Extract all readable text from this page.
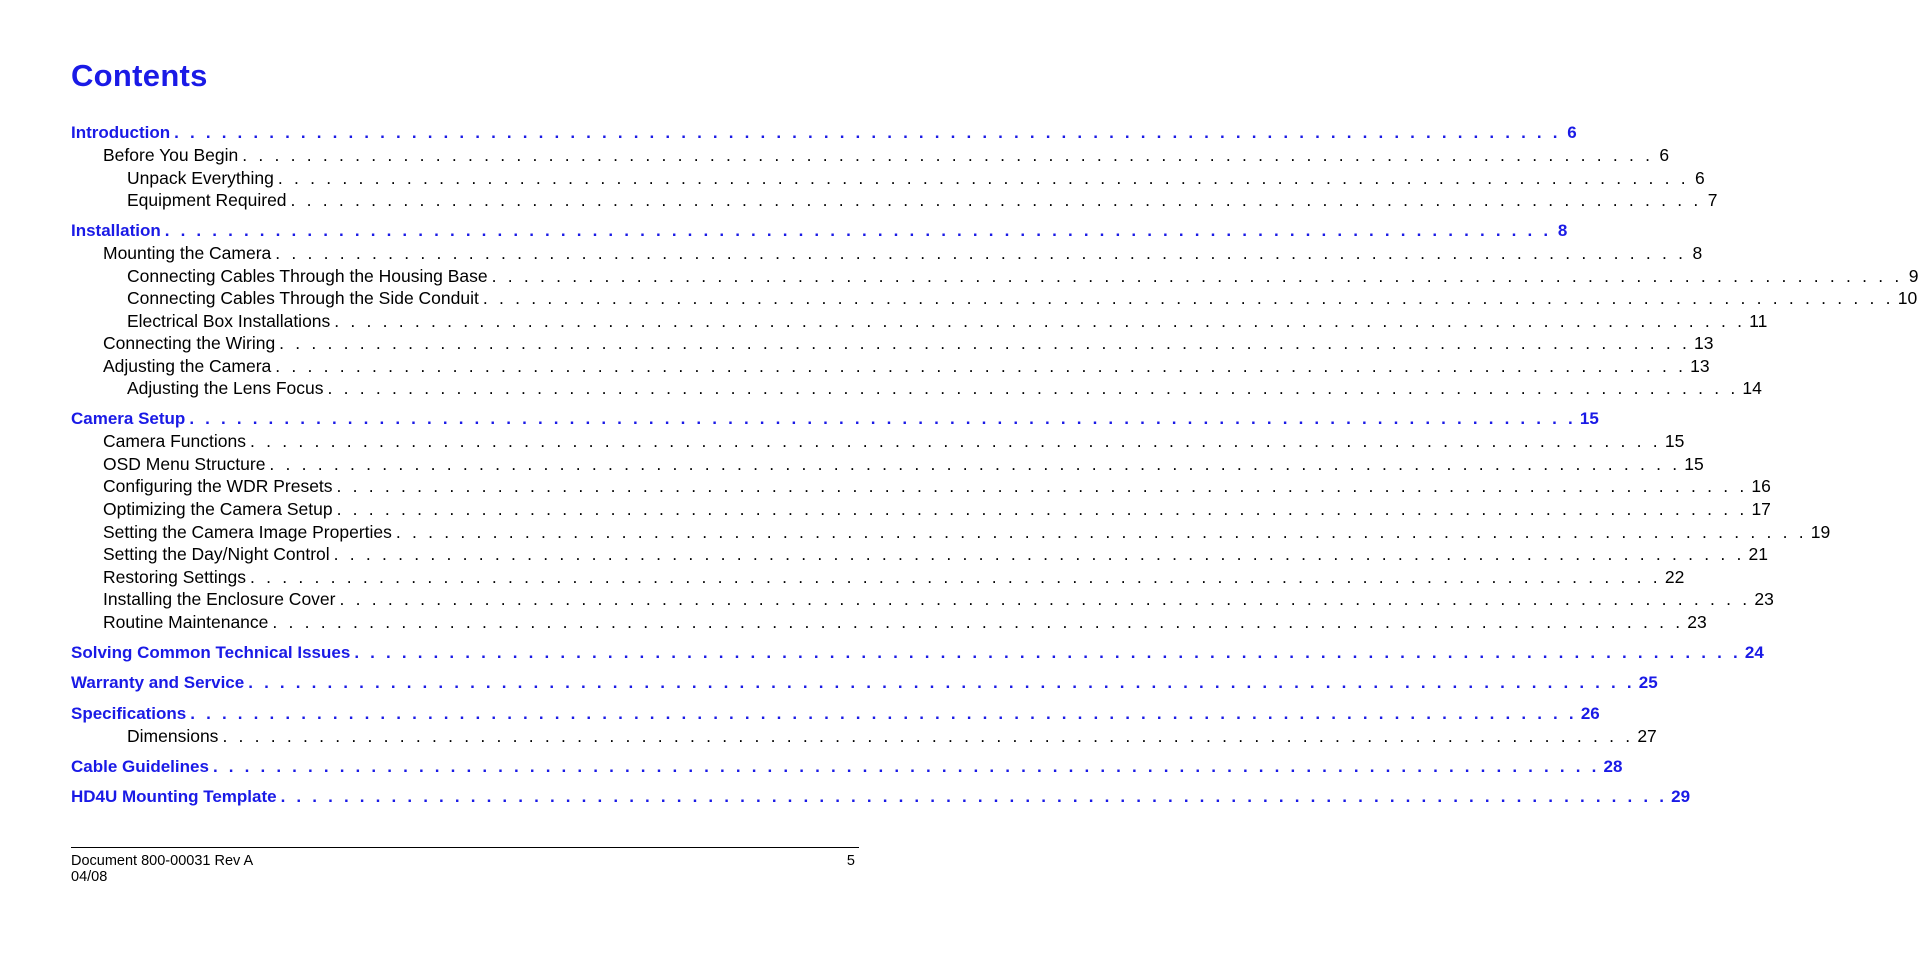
Contents
Introduction . . . . . . . . . . . . . . . . . . . . . . . . . . . . . . . . . . . . . . . . . . . . . . . . . . . . . . . . . . . . . . . . . . . . . . . . . . . . . . . . . . . . . . . . 6
Before You Begin . . . . . . . . . . . . . . . . . . . . . . . . . . . . . . . . . . . . . . . . . . . . . . . . . . . . . . . . . . . . . . . . . . . . . . . . . . . . . . . . . . . . . . . . 6
Unpack Everything . . . . . . . . . . . . . . . . . . . . . . . . . . . . . . . . . . . . . . . . . . . . . . . . . . . . . . . . . . . . . . . . . . . . . . . . . . . . . . . . . . . . . . . . 6
Equipment Required . . . . . . . . . . . . . . . . . . . . . . . . . . . . . . . . . . . . . . . . . . . . . . . . . . . . . . . . . . . . . . . . . . . . . . . . . . . . . . . . . . . . . . . . 7
Installation . . . . . . . . . . . . . . . . . . . . . . . . . . . . . . . . . . . . . . . . . . . . . . . . . . . . . . . . . . . . . . . . . . . . . . . . . . . . . . . . . . . . . . . . 8
Mounting the Camera . . . . . . . . . . . . . . . . . . . . . . . . . . . . . . . . . . . . . . . . . . . . . . . . . . . . . . . . . . . . . . . . . . . . . . . . . . . . . . . . . . . . . . . . 8
Connecting Cables Through the Housing Base . . . . . . . . . . . . . . . . . . . . . . . . . . . . . . . . . . . . . . . . . . . . . . . . . . . . . . . . . . . . . . . . . . . . . . . . . . . . . . . . . . . . . . . . 9
Connecting Cables Through the Side Conduit . . . . . . . . . . . . . . . . . . . . . . . . . . . . . . . . . . . . . . . . . . . . . . . . . . . . . . . . . . . . . . . . . . . . . . . . . . . . . . . . . . . . . . . . 10
Electrical Box Installations . . . . . . . . . . . . . . . . . . . . . . . . . . . . . . . . . . . . . . . . . . . . . . . . . . . . . . . . . . . . . . . . . . . . . . . . . . . . . . . . . . . . . . . . 11
Connecting the Wiring . . . . . . . . . . . . . . . . . . . . . . . . . . . . . . . . . . . . . . . . . . . . . . . . . . . . . . . . . . . . . . . . . . . . . . . . . . . . . . . . . . . . . . . . 13
Adjusting the Camera . . . . . . . . . . . . . . . . . . . . . . . . . . . . . . . . . . . . . . . . . . . . . . . . . . . . . . . . . . . . . . . . . . . . . . . . . . . . . . . . . . . . . . . . 13
Adjusting the Lens Focus . . . . . . . . . . . . . . . . . . . . . . . . . . . . . . . . . . . . . . . . . . . . . . . . . . . . . . . . . . . . . . . . . . . . . . . . . . . . . . . . . . . . . . . . 14
Camera Setup . . . . . . . . . . . . . . . . . . . . . . . . . . . . . . . . . . . . . . . . . . . . . . . . . . . . . . . . . . . . . . . . . . . . . . . . . . . . . . . . . . . . . . . . 15
Camera Functions . . . . . . . . . . . . . . . . . . . . . . . . . . . . . . . . . . . . . . . . . . . . . . . . . . . . . . . . . . . . . . . . . . . . . . . . . . . . . . . . . . . . . . . . 15
OSD Menu Structure . . . . . . . . . . . . . . . . . . . . . . . . . . . . . . . . . . . . . . . . . . . . . . . . . . . . . . . . . . . . . . . . . . . . . . . . . . . . . . . . . . . . . . . . 15
Configuring the WDR Presets . . . . . . . . . . . . . . . . . . . . . . . . . . . . . . . . . . . . . . . . . . . . . . . . . . . . . . . . . . . . . . . . . . . . . . . . . . . . . . . . . . . . . . . . 16
Optimizing the Camera Setup . . . . . . . . . . . . . . . . . . . . . . . . . . . . . . . . . . . . . . . . . . . . . . . . . . . . . . . . . . . . . . . . . . . . . . . . . . . . . . . . . . . . . . . . 17
Setting the Camera Image Properties . . . . . . . . . . . . . . . . . . . . . . . . . . . . . . . . . . . . . . . . . . . . . . . . . . . . . . . . . . . . . . . . . . . . . . . . . . . . . . . . . . . . . . . . 19
Setting the Day/Night Control . . . . . . . . . . . . . . . . . . . . . . . . . . . . . . . . . . . . . . . . . . . . . . . . . . . . . . . . . . . . . . . . . . . . . . . . . . . . . . . . . . . . . . . . 21
Restoring Settings . . . . . . . . . . . . . . . . . . . . . . . . . . . . . . . . . . . . . . . . . . . . . . . . . . . . . . . . . . . . . . . . . . . . . . . . . . . . . . . . . . . . . . . . 22
Installing the Enclosure Cover . . . . . . . . . . . . . . . . . . . . . . . . . . . . . . . . . . . . . . . . . . . . . . . . . . . . . . . . . . . . . . . . . . . . . . . . . . . . . . . . . . . . . . . . 23
Routine Maintenance . . . . . . . . . . . . . . . . . . . . . . . . . . . . . . . . . . . . . . . . . . . . . . . . . . . . . . . . . . . . . . . . . . . . . . . . . . . . . . . . . . . . . . . . 23
Solving Common Technical Issues . . . . . . . . . . . . . . . . . . . . . . . . . . . . . . . . . . . . . . . . . . . . . . . . . . . . . . . . . . . . . . . . . . . . . . . . . . . . . . . . . . . . . . . . 24
Warranty and Service . . . . . . . . . . . . . . . . . . . . . . . . . . . . . . . . . . . . . . . . . . . . . . . . . . . . . . . . . . . . . . . . . . . . . . . . . . . . . . . . . . . . . . . . 25
Specifications . . . . . . . . . . . . . . . . . . . . . . . . . . . . . . . . . . . . . . . . . . . . . . . . . . . . . . . . . . . . . . . . . . . . . . . . . . . . . . . . . . . . . . . . 26
Dimensions . . . . . . . . . . . . . . . . . . . . . . . . . . . . . . . . . . . . . . . . . . . . . . . . . . . . . . . . . . . . . . . . . . . . . . . . . . . . . . . . . . . . . . . . 27
Cable Guidelines . . . . . . . . . . . . . . . . . . . . . . . . . . . . . . . . . . . . . . . . . . . . . . . . . . . . . . . . . . . . . . . . . . . . . . . . . . . . . . . . . . . . . . . . 28
HD4U Mounting Template . . . . . . . . . . . . . . . . . . . . . . . . . . . . . . . . . . . . . . . . . . . . . . . . . . . . . . . . . . . . . . . . . . . . . . . . . . . . . . . . . . . . . . . . 29
Document 800-00031 Rev A
04/08
5
